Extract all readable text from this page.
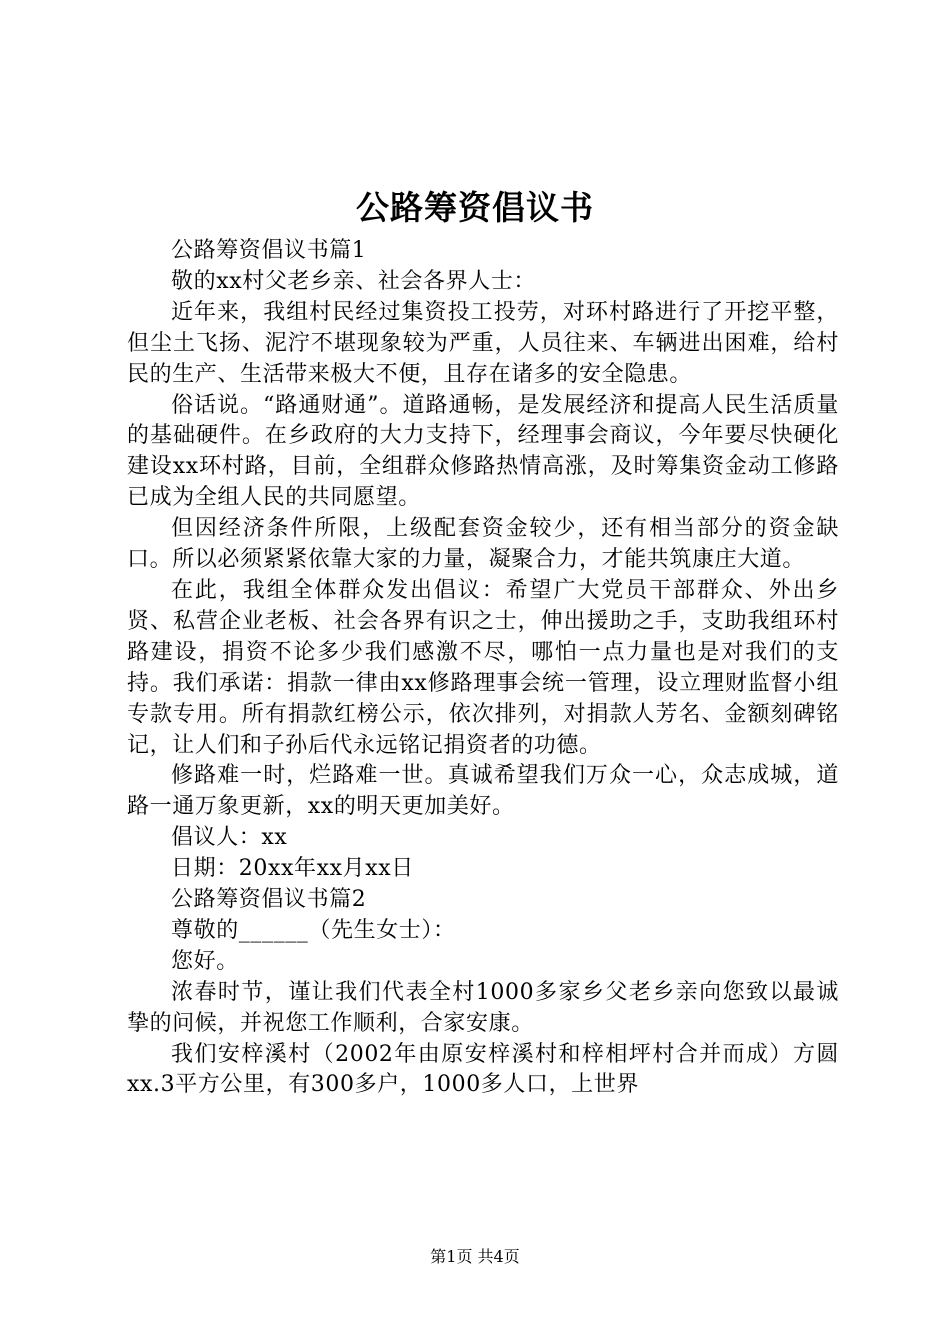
公路筹资倡议书

公路筹资倡议书篇1

敬的xx村父老乡亲、社会各界人士：

近年来，我组村民经过集资投工投劳，对环村路进行了开挖平整，但尘土飞扬、泥泞不堪现象较为严重，人员往来、车辆进出困难，给村民的生产、生活带来极大不便，且存在诸多的安全隐患。

俗话说。“路通财通”。道路通畅，是发展经济和提高人民生活质量的基础硬件。在乡政府的大力支持下，经理事会商议，今年要尽快硬化建设xx环村路，目前，全组群众修路热情高涨，及时筹集资金动工修路已成为全组人民的共同愿望。

但因经济条件所限，上级配套资金较少，还有相当部分的资金缺口。所以必须紧紧依靠大家的力量，凝聚合力，才能共筑康庄大道。

在此，我组全体群众发出倡议：希望广大党员干部群众、外出乡贤、私营企业老板、社会各界有识之士，伸出援助之手，支助我组环村路建设，捐资不论多少我们感激不尽，哪怕一点力量也是对我们的支持。我们承诺：捐款一律由xx修路理事会统一管理，设立理财监督小组专款专用。所有捐款红榜公示，依次排列，对捐款人芳名、金额刻碑铭记，让人们和子孙后代永远铭记捐资者的功德。

修路难一时，烂路难一世。真诚希望我们万众一心，众志成城，道路一通万象更新，xx的明天更加美好。

倡议人：xx

日期：20xx年xx月xx日

公路筹资倡议书篇2

尊敬的______（先生女士）：

您好。

浓春时节，谨让我们代表全村1000多家乡父老乡亲向您致以最诚挚的问候，并祝您工作顺利，合家安康。

我们安梓溪村（2002年由原安梓溪村和梓相坪村合并而成）方圆xx.3平方公里，有300多户，1000多人口，上世界

第1页 共4页
